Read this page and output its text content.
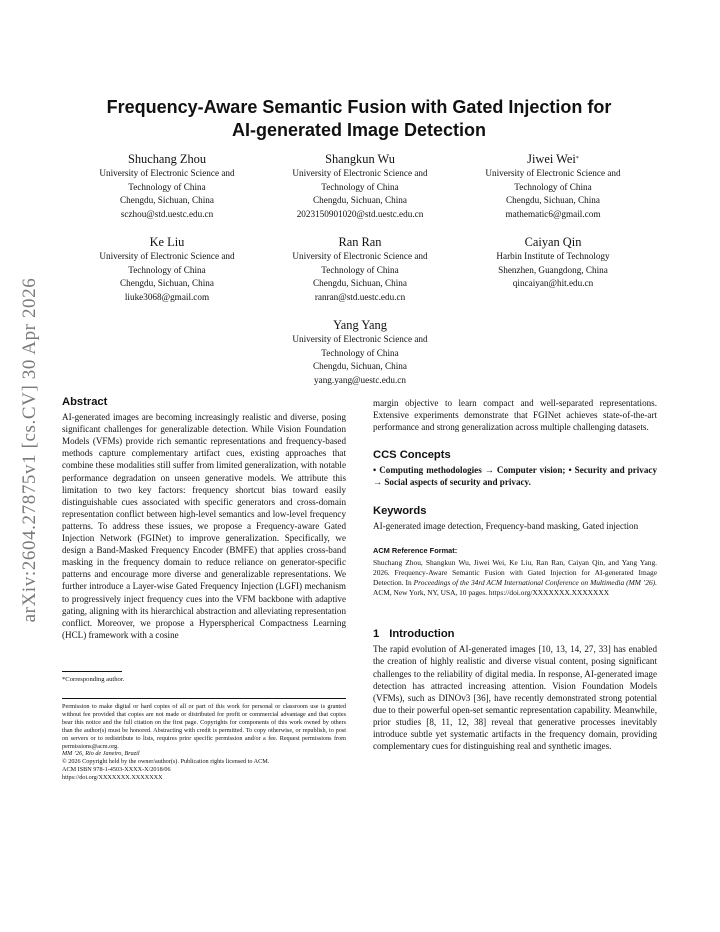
arXiv:2604.27875v1 [cs.CV] 30 Apr 2026
Frequency-Aware Semantic Fusion with Gated Injection for
AI-generated Image Detection
Shuchang Zhou
University of Electronic Science and
Technology of China
Chengdu, Sichuan, China
sczhou@std.uestc.edu.cn
Shangkun Wu
University of Electronic Science and
Technology of China
Chengdu, Sichuan, China
2023150901020@std.uestc.edu.cn
Jiwei Wei*
University of Electronic Science and
Technology of China
Chengdu, Sichuan, China
mathematic6@gmail.com
Ke Liu
University of Electronic Science and
Technology of China
Chengdu, Sichuan, China
liuke3068@gmail.com
Ran Ran
University of Electronic Science and
Technology of China
Chengdu, Sichuan, China
ranran@std.uestc.edu.cn
Caiyan Qin
Harbin Institute of Technology
Shenzhen, Guangdong, China
qincaiyan@hit.edu.cn
Yang Yang
University of Electronic Science and
Technology of China
Chengdu, Sichuan, China
yang.yang@uestc.edu.cn
Abstract

AI-generated images are becoming increasingly realistic and diverse, posing significant challenges for generalizable detection. While Vision Foundation Models (VFMs) provide rich semantic representations and frequency-based methods capture complementary artifact cues, existing approaches that combine these modalities still suffer from limited generalization, with notable performance degradation on unseen generative models. We attribute this limitation to two key factors: frequency shortcut bias toward easily distinguishable cues associated with specific generators and cross-domain representation conflict between high-level semantics and low-level frequency patterns. To address these issues, we propose a Frequency-aware Gated Injection Network (FGINet) to improve generalization. Specifically, we design a Band-Masked Frequency Encoder (BMFE) that applies cross-band masking in the frequency domain to reduce reliance on generator-specific patterns and encourage more diverse and generalizable representations. We further introduce a Layer-wise Gated Frequency Injection (LGFI) mechanism to progressively inject frequency cues into the VFM backbone with adaptive gating, aligning with its hierarchical abstraction and alleviating representation conflict. Moreover, we propose a Hyperspherical Compactness Learning (HCL) framework with a cosine

*Corresponding author.

Permission to make digital or hard copies of all or part of this work for personal or classroom use is granted without fee provided that copies are not made or distributed for profit or commercial advantage and that copies bear this notice and the full citation on the first page. Copyrights for components of this work owned by others than the author(s) must be honored. Abstracting with credit is permitted. To copy otherwise, or republish, to post on servers or to redistribute to lists, requires prior specific permission and/or a fee. Request permissions from permissions@acm.org.

MM ’26, Rio de Janeiro, Brazil

© 2026 Copyright held by the owner/author(s). Publication rights licensed to ACM.

ACM ISBN 978-1-4503-XXXX-X/2018/06

https://doi.org/XXXXXXX.XXXXXXX

margin objective to learn compact and well-separated representations. Extensive experiments demonstrate that FGINet achieves state-of-the-art performance and strong generalization across multiple challenging datasets.

CCS Concepts

• Computing methodologies → Computer vision; • Security and privacy → Social aspects of security and privacy.

Keywords

AI-generated image detection, Frequency-band masking, Gated injection

ACM Reference Format:
Shuchang Zhou, Shangkun Wu, Jiwei Wei, Ke Liu, Ran Ran, Caiyan Qin, and Yang Yang. 2026. Frequency-Aware Semantic Fusion with Gated Injection for AI-generated Image Detection. In Proceedings of the 34rd ACM International Conference on Multimedia (MM ’26). ACM, New York, NY, USA, 10 pages. https://doi.org/XXXXXXX.XXXXXXX
1 Introduction

The rapid evolution of AI-generated images [10, 13, 14, 27, 33] has enabled the creation of highly realistic and diverse visual content, posing significant challenges to the reliability of digital media. In response, AI-generated image detection has attracted increasing attention. Vision Foundation Models (VFMs), such as DINOv3 [36], have recently demonstrated strong potential due to their powerful open-set semantic representation capability. Meanwhile, prior studies [8, 11, 12, 38] reveal that generative processes inevitably introduce subtle yet systematic artifacts in the frequency domain, providing complementary cues for distinguishing real and synthetic images.
